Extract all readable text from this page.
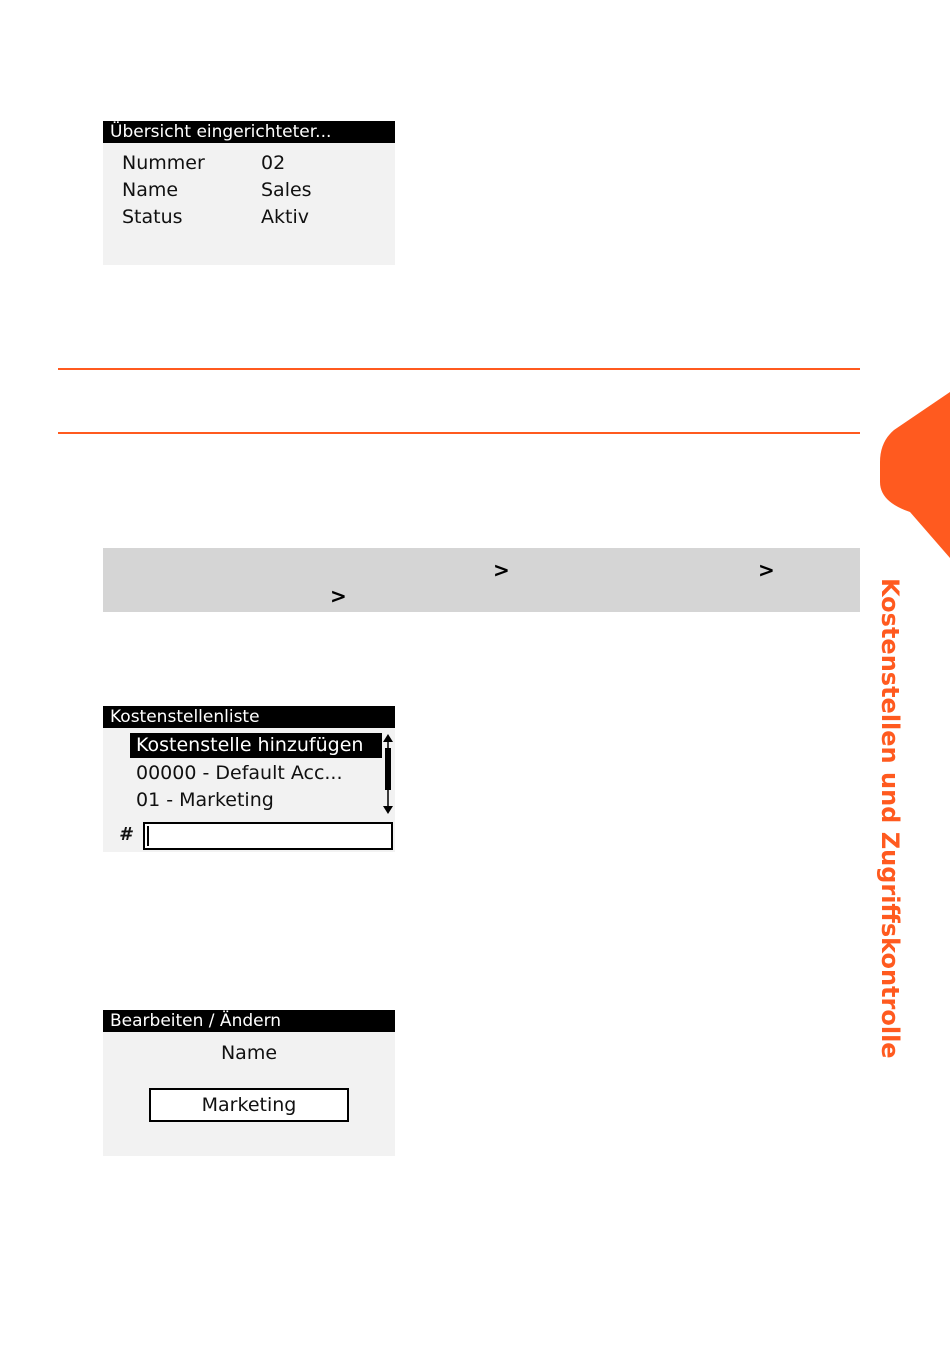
Übersicht eingerichteter...
Nummer	02
Name	Sales
Status	Aktiv
>	>
>
Kostenstellenliste
Kostenstelle hinzufügen
00000 - Default Acc...
01 - Marketing
#
Bearbeiten / Ändern
Name
Marketing
Kostenstellen und Zugriffskontrolle
